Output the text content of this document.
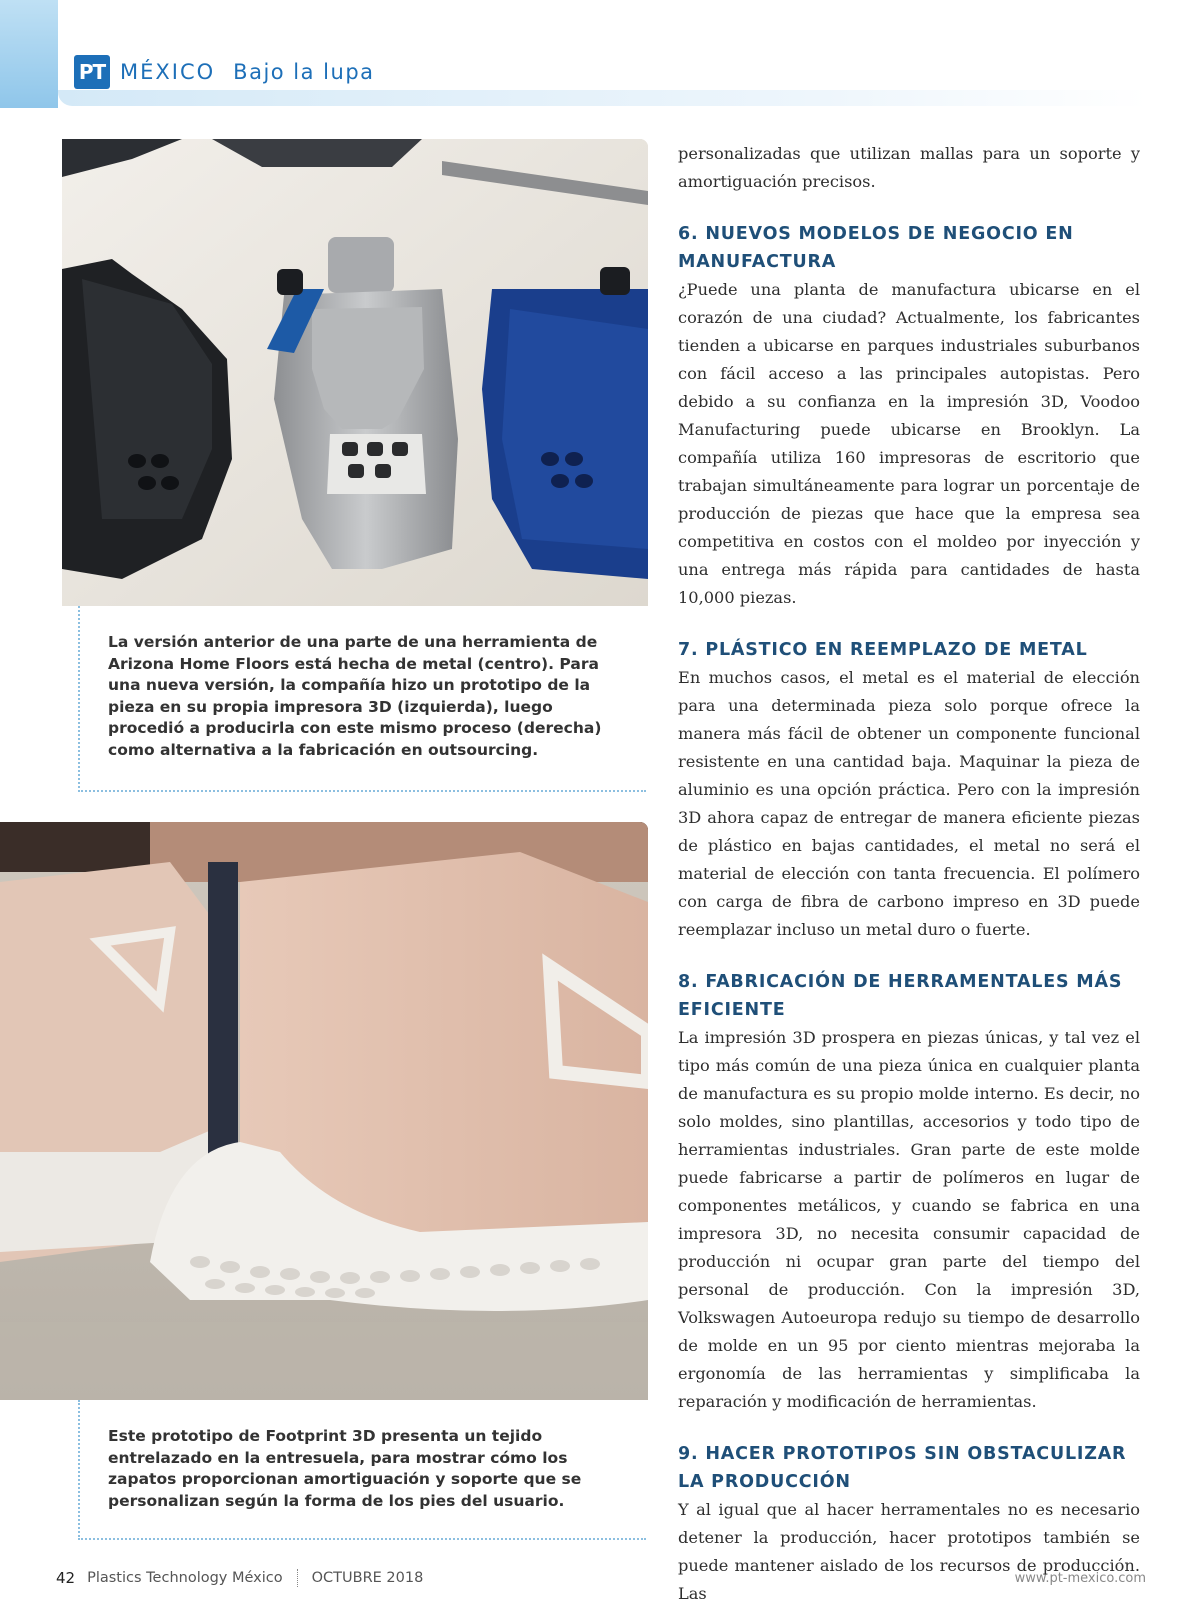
PT MÉXICO Bajo la lupa
La versión anterior de una parte de una herramienta de Arizona Home Floors está hecha de metal (centro). Para una nueva versión, la compañía hizo un prototipo de la pieza en su propia impresora 3D (izquierda), luego procedió a producirla con este mismo proceso (derecha) como alternativa a la fabricación en outsourcing.
Este prototipo de Footprint 3D presenta un tejido entrelazado en la entresuela, para mostrar cómo los zapatos proporcionan amortiguación y soporte que se personalizan según la forma de los pies del usuario.

personalizadas que utilizan mallas para un soporte y amortiguación precisos.

6. NUEVOS MODELOS DE NEGOCIO EN MANUFACTURA

¿Puede una planta de manufactura ubicarse en el corazón de una ciudad? Actualmente, los fabricantes tienden a ubicarse en parques industriales suburbanos con fácil acceso a las principales autopistas. Pero debido a su confianza en la impresión 3D, Voodoo Manufacturing puede ubicarse en Brooklyn. La compañía utiliza 160 impresoras de escritorio que trabajan simultáneamente para lograr un porcentaje de producción de piezas que hace que la empresa sea competitiva en costos con el moldeo por inyección y una entrega más rápida para cantidades de hasta 10,000 piezas.

7. PLÁSTICO EN REEMPLAZO DE METAL

En muchos casos, el metal es el material de elección para una determinada pieza solo porque ofrece la manera más fácil de obtener un componente funcional resistente en una cantidad baja. Maquinar la pieza de aluminio es una opción práctica. Pero con la impresión 3D ahora capaz de entregar de manera eficiente piezas de plástico en bajas cantidades, el metal no será el material de elección con tanta frecuencia. El polímero con carga de fibra de carbono impreso en 3D puede reemplazar incluso un metal duro o fuerte.

8. FABRICACIÓN DE HERRAMENTALES MÁS EFICIENTE

La impresión 3D prospera en piezas únicas, y tal vez el tipo más común de una pieza única en cualquier planta de manufactura es su propio molde interno. Es decir, no solo moldes, sino plantillas, accesorios y todo tipo de herramientas industriales. Gran parte de este molde puede fabricarse a partir de polímeros en lugar de componentes metálicos, y cuando se fabrica en una impresora 3D, no necesita consumir capacidad de producción ni ocupar gran parte del tiempo del personal de producción. Con la impresión 3D, Volkswagen Autoeuropa redujo su tiempo de desarrollo de molde en un 95 por ciento mientras mejoraba la ergonomía de las herramientas y simplificaba la reparación y modificación de herramientas.

9. HACER PROTOTIPOS SIN OBSTACULIZAR LA PRODUCCIÓN

Y al igual que al hacer herramentales no es necesario detener la producción, hacer prototipos también se puede mantener aislado de los recursos de producción. Las

42 Plastics Technology México OCTUBRE 2018	www.pt-mexico.com
